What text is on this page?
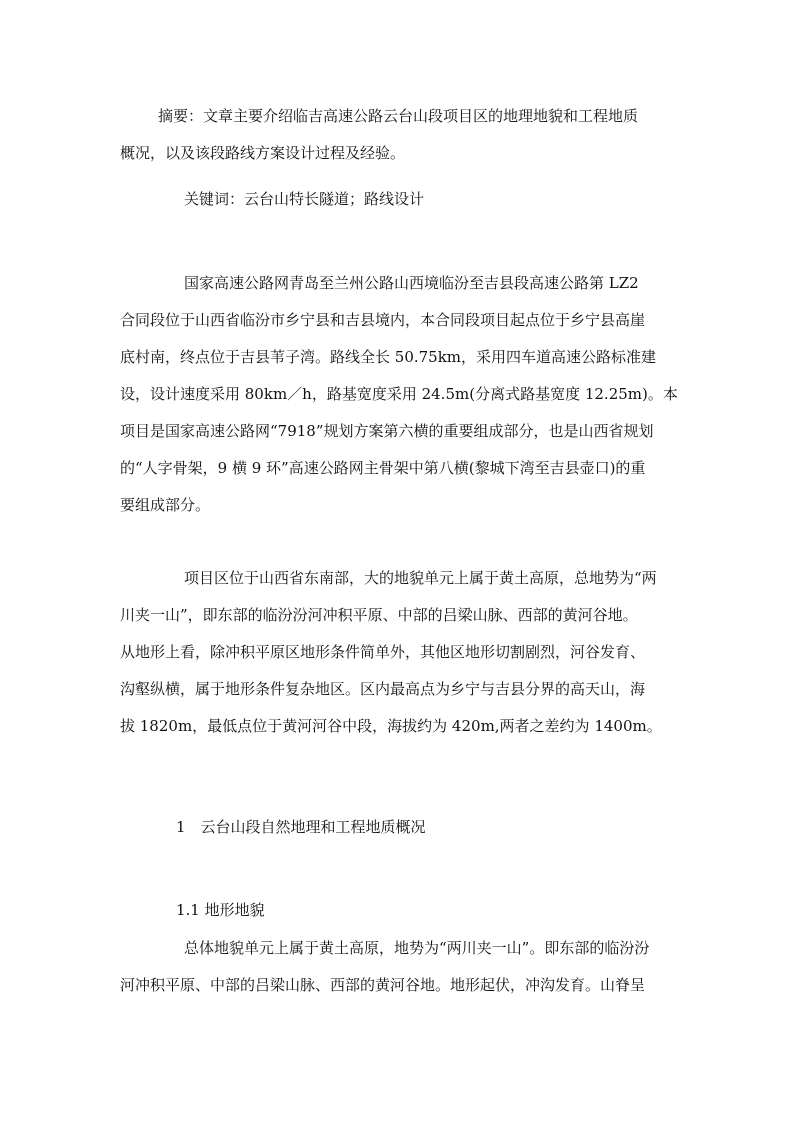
摘要：文章主要介绍临吉高速公路云台山段项目区的地理地貌和工程地质
概况，以及该段路线方案设计过程及经验。
关键词：云台山特长隧道；路线设计
国家高速公路网青岛至兰州公路山西境临汾至吉县段高速公路第 LZ2
合同段位于山西省临汾市乡宁县和吉县境内，本合同段项目起点位于乡宁县高崖
底村南，终点位于吉县苇子湾。路线全长 50.75km，采用四车道高速公路标准建
设，设计速度采用 80km／h，路基宽度采用 24.5m(分离式路基宽度 12.25m)。本
项目是国家高速公路网“7918”规划方案第六横的重要组成部分，也是山西省规划
的“人字骨架，9 横 9 环”高速公路网主骨架中第八横(黎城下湾至吉县壶口)的重
要组成部分。
项目区位于山西省东南部，大的地貌单元上属于黄土高原，总地势为“两
川夹一山”，即东部的临汾汾河冲积平原、中部的吕梁山脉、西部的黄河谷地。
从地形上看，除冲积平原区地形条件简单外，其他区地形切割剧烈，河谷发育、
沟壑纵横，属于地形条件复杂地区。区内最高点为乡宁与吉县分界的高天山，海
拔 1820m，最低点位于黄河河谷中段，海拔约为 420m,两者之差约为 1400m。
1　云台山段自然地理和工程地质概况
1.1 地形地貌
总体地貌单元上属于黄土高原，地势为“两川夹一山”。即东部的临汾汾
河冲积平原、中部的吕梁山脉、西部的黄河谷地。地形起伏，冲沟发育。山脊呈
